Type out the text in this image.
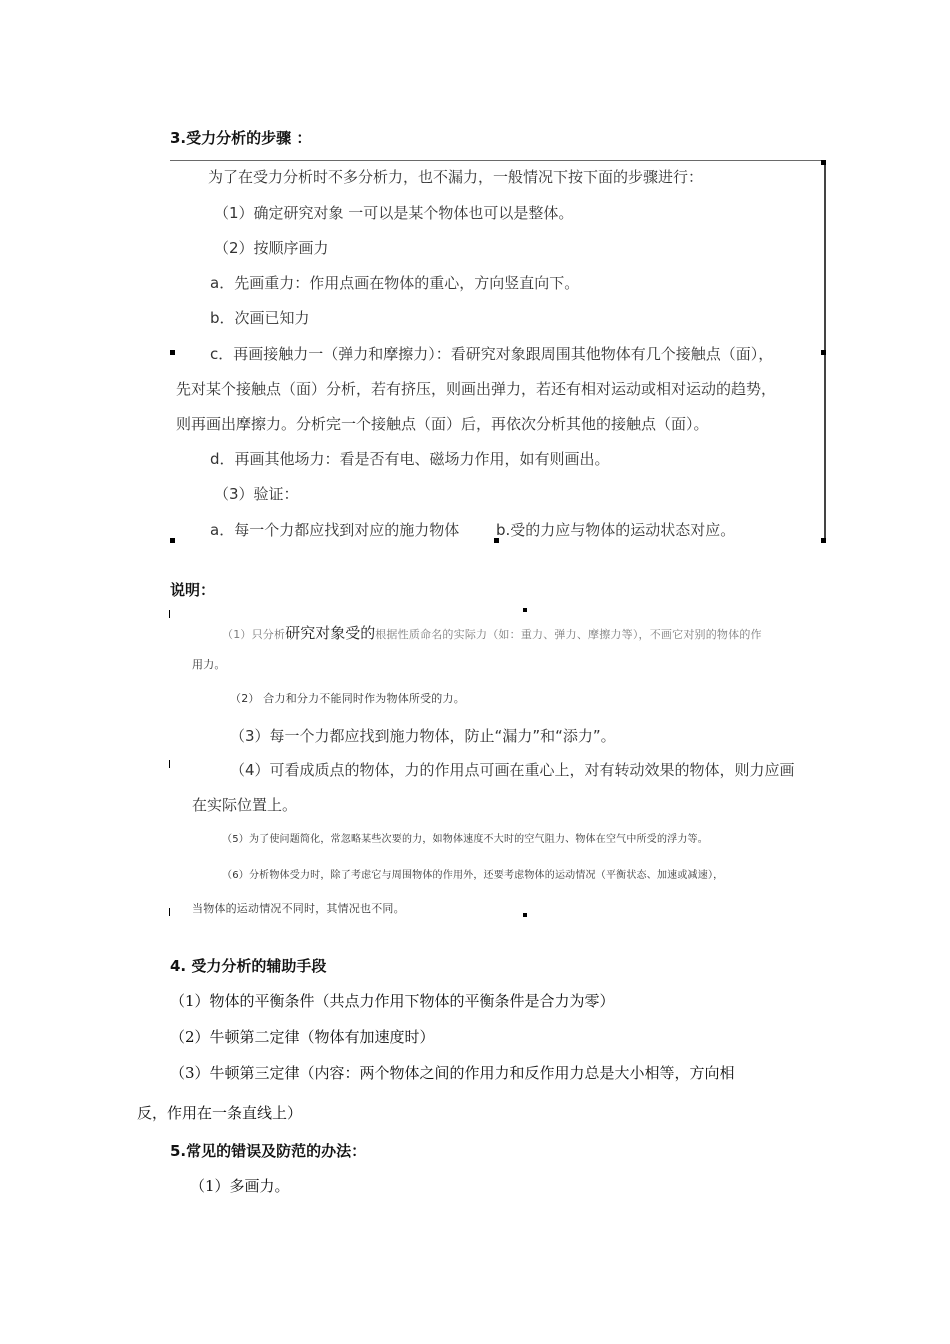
3.受力分析的步骤 ：
为了在受力分析时不多分析力，也不漏力，一般情况下按下面的步骤进行：
（1）确定研究对象 一可以是某个物体也可以是整体。
（2）按顺序画力
a．先画重力：作用点画在物体的重心，方向竖直向下。
b．次画已知力
c．再画接触力一（弹力和摩擦力）：看研究对象跟周围其他物体有几个接触点（面），
先对某个接触点（面）分析，若有挤压，则画出弹力，若还有相对运动或相对运动的趋势，
则再画出摩擦力。分析完一个接触点（面）后，再依次分析其他的接触点（面）。
d．再画其他场力：看是否有电、磁场力作用，如有则画出。
（3）验证：
a．每一个力都应找到对应的施力物体 b.受的力应与物体的运动状态对应。
说明：
（1）只分析研究对象受的根据性质命名的实际力（如：重力、弹力、摩擦力等），不画它对别的物体的作
用力。
（2） 合力和分力不能同时作为物体所受的力。
（3）每一个力都应找到施力物体，防止“漏力”和“添力”。
（4）可看成质点的物体，力的作用点可画在重心上，对有转动效果的物体，则力应画
在实际位置上。
（5）为了使问题简化，常忽略某些次要的力，如物体速度不大时的空气阻力、物体在空气中所受的浮力等。
（6）分析物体受力时，除了考虑它与周围物体的作用外，还要考虑物体的运动情况（平衡状态、加速或减速），
当物体的运动情况不同时，其情况也不同。
4. 受力分析的辅助手段
（1）物体的平衡条件（共点力作用下物体的平衡条件是合力为零）
（2）牛顿第二定律（物体有加速度时）
（3）牛顿第三定律（内容：两个物体之间的作用力和反作用力总是大小相等，方向相
反，作用在一条直线上）
5.常见的错误及防范的办法：
（1）多画力。
